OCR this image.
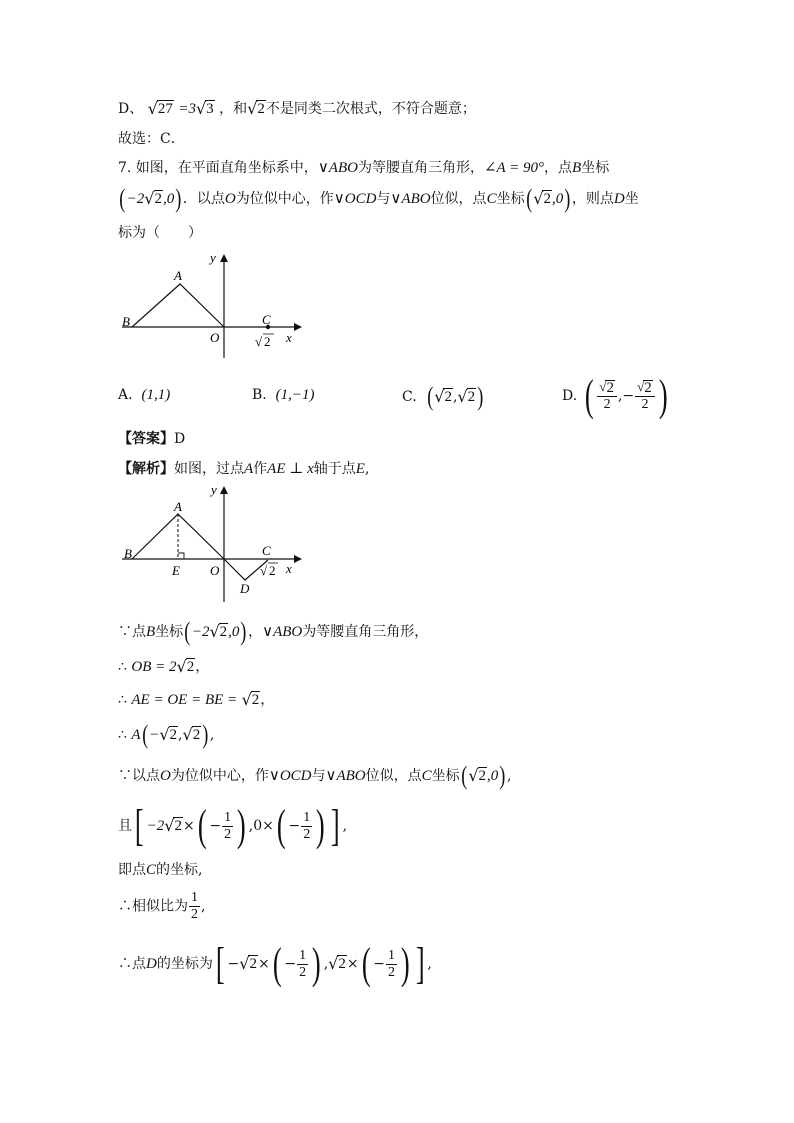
D、 √ 27 =3 √ 3 ，和 √ 2 不是同类二次根式，不符合题意；
故选：C．
7. 如图，在平面直角坐标系中，∨ABO为等腰直角三角形，∠A = 90°，点B坐标
(−2 √ 2 ,0)．以点O为位似中心，作∨OCD与∨ABO位似，点C坐标( √ 2 ,0)，则点D坐
标为（　　）
y
x
A
B
O
C
√ 2
A. (1,1)	B. (1,−1)	C. ( √ 2 , √ 2 )	D. ( $\frac{√ 2}{2}$ ,− $\frac{√ 2}{2}$ )
【答案】D
【解析】如图，过点A作AE ⊥ x轴于点E,
y
x
A
B
E O
C
D
√ 2
∵点B坐标(−2 √ 2 ,0)，∨ABO为等腰直角三角形，
∴ OB = 2 √ 2 ，
∴ AE = OE = BE = √ 2 ，
∴ A(− √ 2 , √ 2 ),
∵以点O为位似中心，作∨OCD与∨ABO位似，点C坐标( √ 2 ,0),
且[ −2 √ 2 ×( − $\frac{1}{2}$ ) $,0\times( - \frac{1}{2}$ ) ] ,
即点C的坐标,
∴相似比为 $\frac{1}{2}$ ,
∴点D的坐标为[ − √ 2 ×( − $\frac{1}{2}$ ) , √ 2 ×( − $\frac{1}{2}$ ) ] ,
